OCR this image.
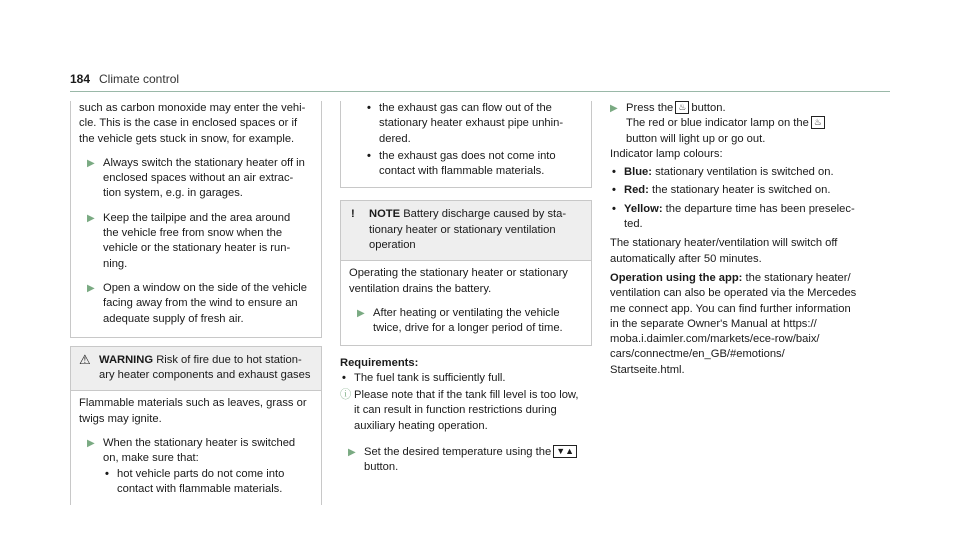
184 Climate control

such as carbon monoxide may enter the vehi-
cle. This is the case in enclosed spaces or if
the vehicle gets stuck in snow, for example.

▶ Always switch the stationary heater off in
enclosed spaces without an air extrac-
tion system, e.g. in garages.
▶ Keep the tailpipe and the area around
the vehicle free from snow when the
vehicle or the stationary heater is run-
ning.
▶ Open a window on the side of the vehicle
facing away from the wind to ensure an
adequate supply of fresh air.
⚠ WARNING Risk of fire due to hot station-
ary heater components and exhaust gases

Flammable materials such as leaves, grass or
twigs may ignite.

▶ When the stationary heater is switched
on, make sure that:
• hot vehicle parts do not come into
contact with flammable materials.
• the exhaust gas can flow out of the
stationary heater exhaust pipe unhin-
dered.
• the exhaust gas does not come into
contact with flammable materials.
! NOTE Battery discharge caused by sta-
tionary heater or stationary ventilation
operation

Operating the stationary heater or stationary
ventilation drains the battery.

▶ After heating or ventilating the vehicle
twice, drive for a longer period of time.

Requirements:

• The fuel tank is sufficiently full.
ⓘ Please note that if the tank fill level is too low,
it can result in function restrictions during
auxiliary heating operation.
▶ Set the desired temperature using the ▼▲
button.
▶ Press the ♨ button.
The red or blue indicator lamp on the ♨
button will light up or go out.

Indicator lamp colours:

• Blue: stationary ventilation is switched on.
• Red: the stationary heater is switched on.
• Yellow: the departure time has been preselec-
ted.

The stationary heater/ventilation will switch off
automatically after 50 minutes.

Operation using the app: the stationary heater/
ventilation can also be operated via the Mercedes
me connect app. You can find further information
in the separate Owner's Manual at https://
moba.i.daimler.com/markets/ece-row/baix/
cars/connectme/en_GB/#emotions/
Startseite.html.
